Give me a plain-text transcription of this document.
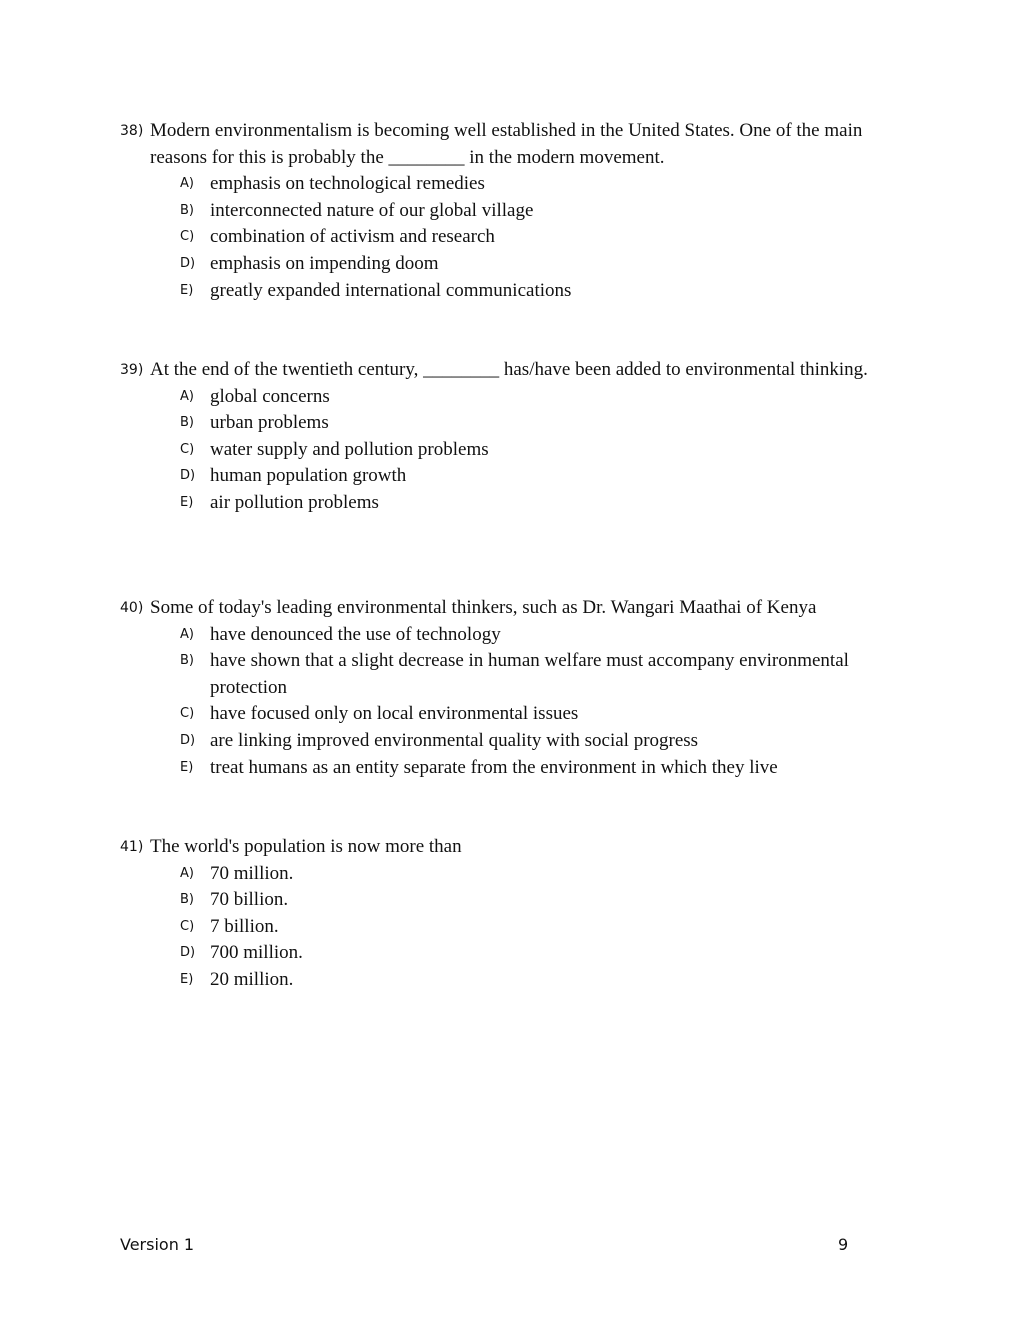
38) Modern environmentalism is becoming well established in the United States. One of the main reasons for this is probably the ________ in the modern movement.
A) emphasis on technological remedies
B) interconnected nature of our global village
C) combination of activism and research
D) emphasis on impending doom
E) greatly expanded international communications
39) At the end of the twentieth century, ________ has/have been added to environmental thinking.
A) global concerns
B) urban problems
C) water supply and pollution problems
D) human population growth
E) air pollution problems
40) Some of today's leading environmental thinkers, such as Dr. Wangari Maathai of Kenya
A) have denounced the use of technology
B) have shown that a slight decrease in human welfare must accompany environmental protection
C) have focused only on local environmental issues
D) are linking improved environmental quality with social progress
E) treat humans as an entity separate from the environment in which they live
41) The world's population is now more than
A) 70 million.
B) 70 billion.
C) 7 billion.
D) 700 million.
E) 20 million.
Version 1	9
